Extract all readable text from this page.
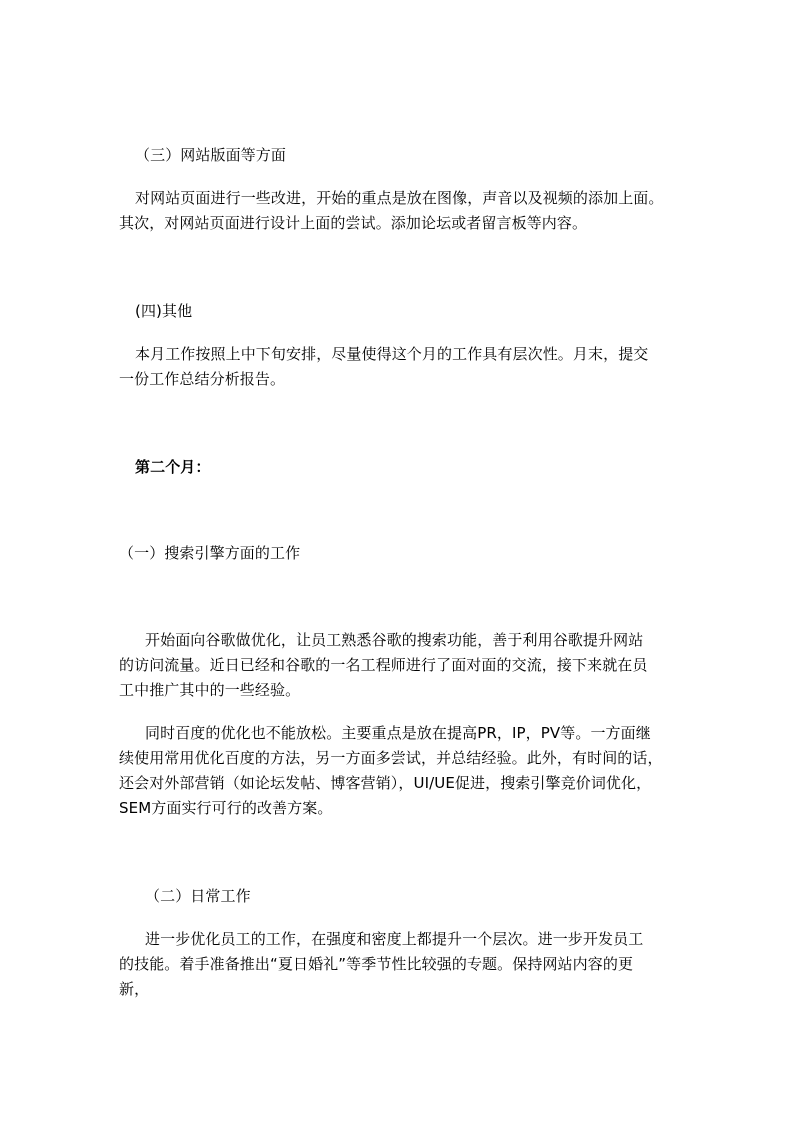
（三）网站版面等方面
对网站页面进行一些改进，开始的重点是放在图像，声音以及视频的添加上面。
其次，对网站页面进行设计上面的尝试。添加论坛或者留言板等内容。
(四)其他
本月工作按照上中下旬安排，尽量使得这个月的工作具有层次性。月末，提交
一份工作总结分析报告。
第二个月：
（一）搜索引擎方面的工作
开始面向谷歌做优化，让员工熟悉谷歌的搜索功能，善于利用谷歌提升网站
的访问流量。近日已经和谷歌的一名工程师进行了面对面的交流，接下来就在员
工中推广其中的一些经验。
同时百度的优化也不能放松。主要重点是放在提高PR，IP，PV等。一方面继
续使用常用优化百度的方法，另一方面多尝试，并总结经验。此外，有时间的话，
还会对外部营销（如论坛发帖、博客营销），UI/UE促进，搜索引擎竞价词优化，
SEM方面实行可行的改善方案。
（二）日常工作
进一步优化员工的工作，在强度和密度上都提升一个层次。进一步开发员工
的技能。着手准备推出“夏日婚礼”等季节性比较强的专题。保持网站内容的更
新，
